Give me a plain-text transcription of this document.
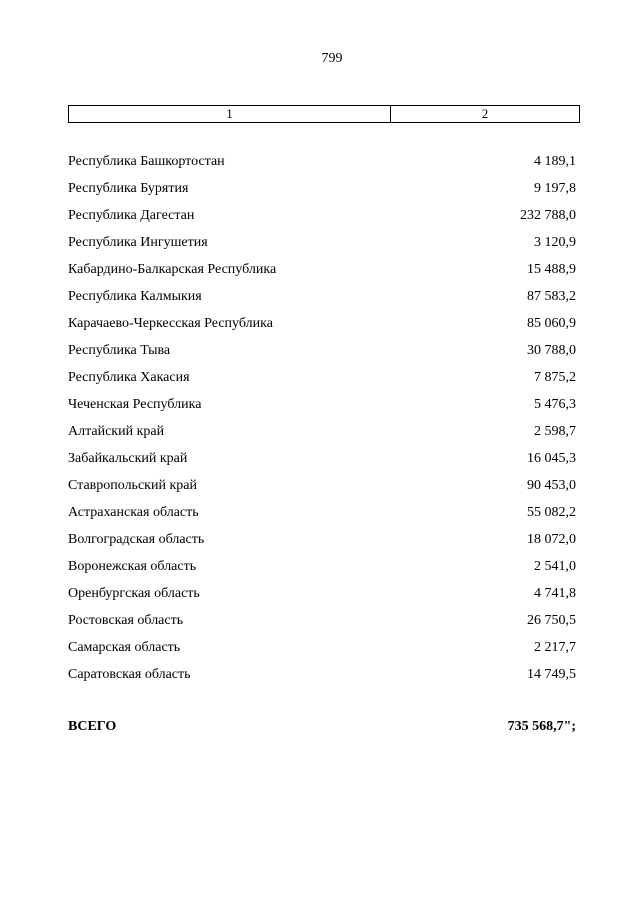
799
1	2
Республика Башкортостан	4 189,1
Республика Бурятия	9 197,8
Республика Дагестан	232 788,0
Республика Ингушетия	3 120,9
Кабардино-Балкарская Республика	15 488,9
Республика Калмыкия	87 583,2
Карачаево-Черкесская Республика	85 060,9
Республика Тыва	30 788,0
Республика Хакасия	7 875,2
Чеченская Республика	5 476,3
Алтайский край	2 598,7
Забайкальский край	16 045,3
Ставропольский край	90 453,0
Астраханская область	55 082,2
Волгоградская область	18 072,0
Воронежская область	2 541,0
Оренбургская область	4 741,8
Ростовская область	26 750,5
Самарская область	2 217,7
Саратовская область	14 749,5
ВСЕГО	735 568,7";
